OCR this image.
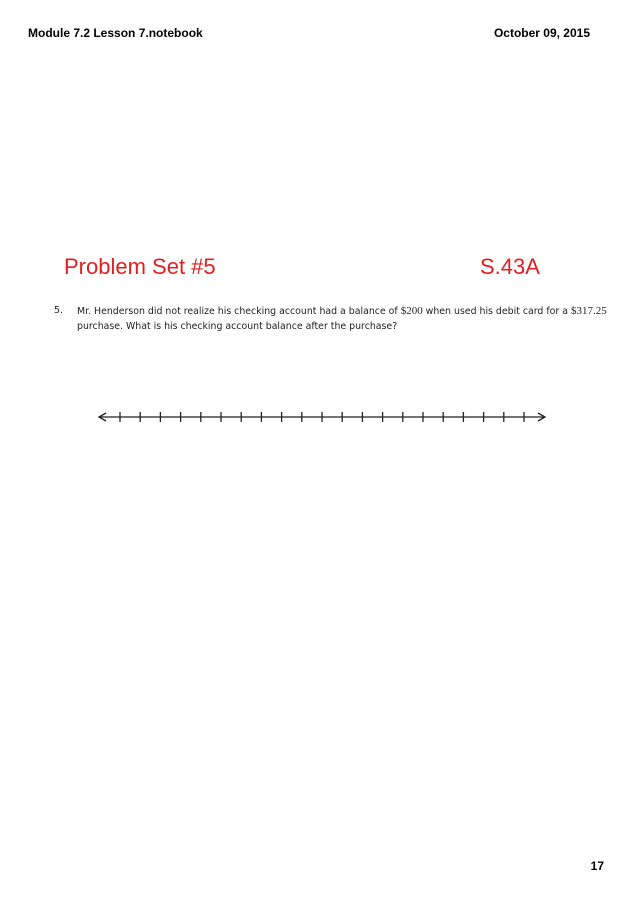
Module 7.2 Lesson 7.notebook	October 09, 2015
Problem Set #5	S.43A
5. Mr. Henderson did not realize his checking account had a balance of $200 when used his debit card for a $317.25
purchase. What is his checking account balance after the purchase?
17
